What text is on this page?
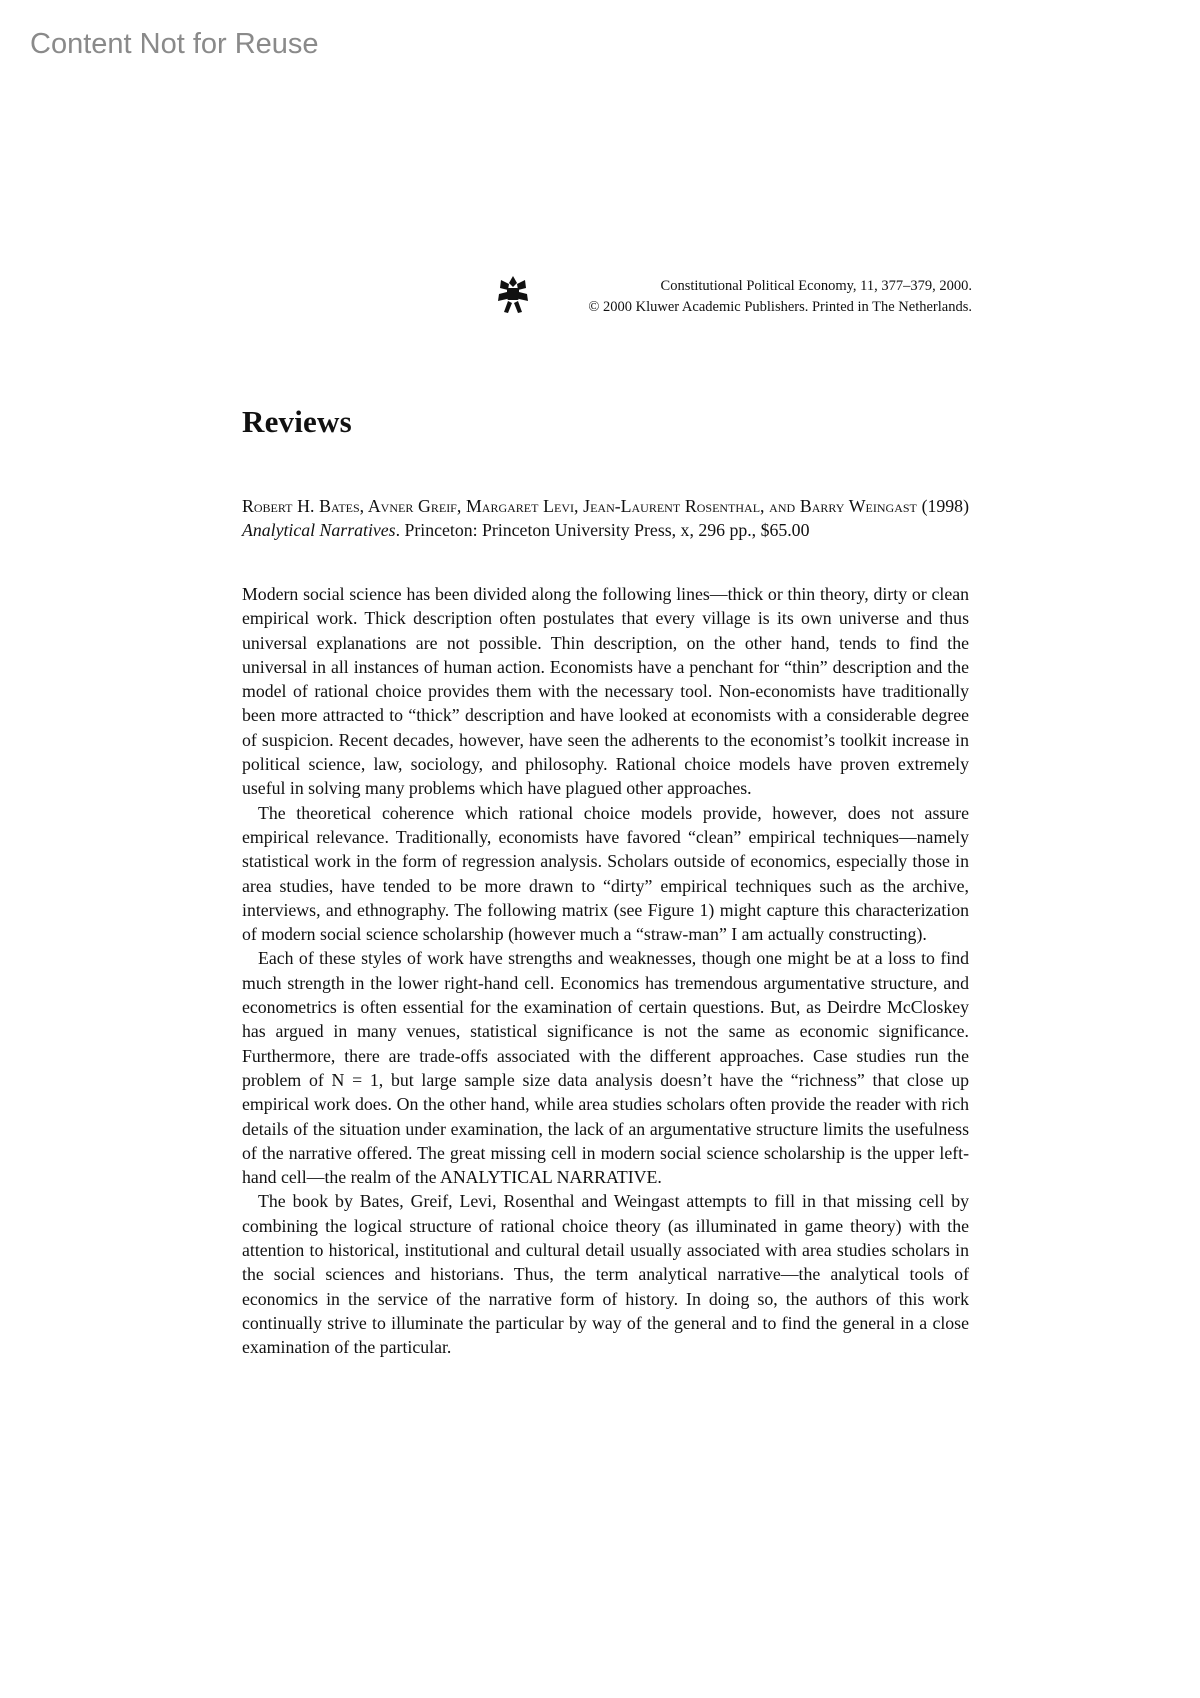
Content Not for Reuse
Constitutional Political Economy, 11, 377–379, 2000.
© 2000 Kluwer Academic Publishers. Printed in The Netherlands.
Reviews
Robert H. Bates, Avner Greif, Margaret Levi, Jean-Laurent Rosenthal, and Barry Weingast (1998) Analytical Narratives. Princeton: Princeton University Press, x, 296 pp., $65.00

Modern social science has been divided along the following lines—thick or thin theory, dirty or clean empirical work. Thick description often postulates that every village is its own universe and thus universal explanations are not possible. Thin description, on the other hand, tends to find the universal in all instances of human action. Economists have a penchant for “thin” description and the model of rational choice provides them with the necessary tool. Non-economists have traditionally been more attracted to “thick” description and have looked at economists with a considerable degree of suspicion. Recent decades, however, have seen the adherents to the economist’s toolkit increase in political science, law, sociology, and philosophy. Rational choice models have proven extremely useful in solving many problems which have plagued other approaches.

The theoretical coherence which rational choice models provide, however, does not assure empirical relevance. Traditionally, economists have favored “clean” empirical techniques—namely statistical work in the form of regression analysis. Scholars outside of economics, especially those in area studies, have tended to be more drawn to “dirty” empirical techniques such as the archive, interviews, and ethnography. The following matrix (see Figure 1) might capture this characterization of modern social science scholarship (however much a “straw-man” I am actually constructing).

Each of these styles of work have strengths and weaknesses, though one might be at a loss to find much strength in the lower right-hand cell. Economics has tremendous argumentative structure, and econometrics is often essential for the examination of certain questions. But, as Deirdre McCloskey has argued in many venues, statistical significance is not the same as economic significance. Furthermore, there are trade-offs associated with the different approaches. Case studies run the problem of N = 1, but large sample size data analysis doesn’t have the “richness” that close up empirical work does. On the other hand, while area studies scholars often provide the reader with rich details of the situation under examination, the lack of an argumentative structure limits the usefulness of the narrative offered. The great missing cell in modern social science scholarship is the upper left-hand cell—the realm of the ANALYTICAL NARRATIVE.

The book by Bates, Greif, Levi, Rosenthal and Weingast attempts to fill in that missing cell by combining the logical structure of rational choice theory (as illuminated in game theory) with the attention to historical, institutional and cultural detail usually associated with area studies scholars in the social sciences and historians. Thus, the term analytical narrative—the analytical tools of economics in the service of the narrative form of history. In doing so, the authors of this work continually strive to illuminate the particular by way of the general and to find the general in a close examination of the particular.
